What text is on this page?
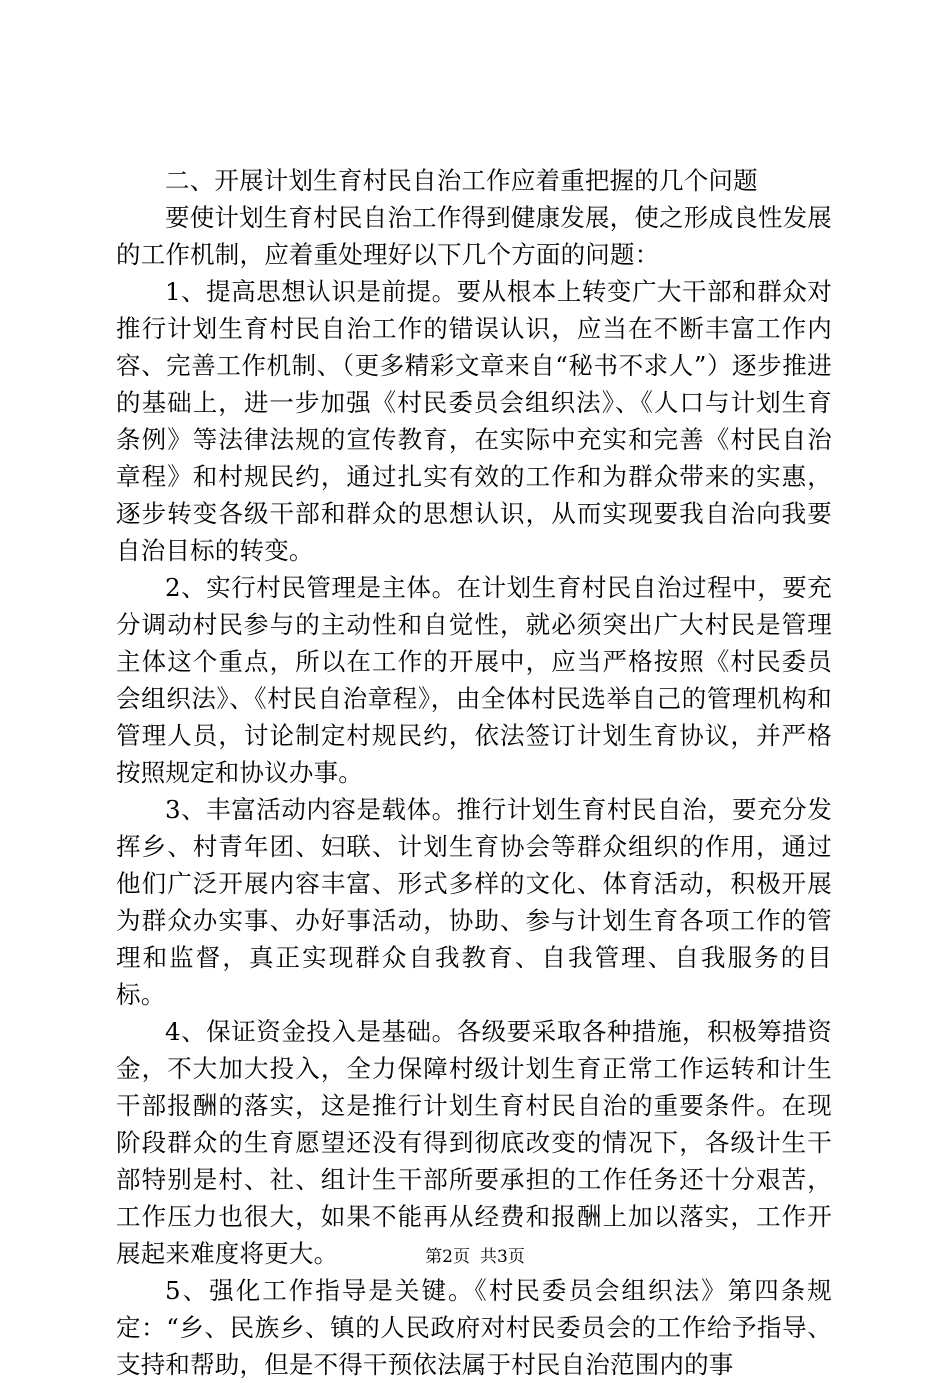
二、开展计划生育村民自治工作应着重把握的几个问题

要使计划生育村民自治工作得到健康发展，使之形成良性发展的工作机制，应着重处理好以下几个方面的问题：

1、提高思想认识是前提。要从根本上转变广大干部和群众对推行计划生育村民自治工作的错误认识，应当在不断丰富工作内容、完善工作机制、（更多精彩文章来自“秘书不求人”）逐步推进的基础上，进一步加强《村民委员会组织法》、《人口与计划生育条例》等法律法规的宣传教育，在实际中充实和完善《村民自治章程》和村规民约，通过扎实有效的工作和为群众带来的实惠，逐步转变各级干部和群众的思想认识，从而实现要我自治向我要自治目标的转变。

2、实行村民管理是主体。在计划生育村民自治过程中，要充分调动村民参与的主动性和自觉性，就必须突出广大村民是管理主体这个重点，所以在工作的开展中，应当严格按照《村民委员会组织法》、《村民自治章程》，由全体村民选举自己的管理机构和管理人员，讨论制定村规民约，依法签订计划生育协议，并严格按照规定和协议办事。

3、丰富活动内容是载体。推行计划生育村民自治，要充分发挥乡、村青年团、妇联、计划生育协会等群众组织的作用，通过他们广泛开展内容丰富、形式多样的文化、体育活动，积极开展为群众办实事、办好事活动，协助、参与计划生育各项工作的管理和监督，真正实现群众自我教育、自我管理、自我服务的目标。

4、保证资金投入是基础。各级要采取各种措施，积极筹措资金，不大加大投入，全力保障村级计划生育正常工作运转和计生干部报酬的落实，这是推行计划生育村民自治的重要条件。在现阶段群众的生育愿望还没有得到彻底改变的情况下，各级计生干部特别是村、社、组计生干部所要承担的工作任务还十分艰苦，工作压力也很大，如果不能再从经费和报酬上加以落实，工作开展起来难度将更大。

5、强化工作指导是关键。《村民委员会组织法》第四条规定：“乡、民族乡、镇的人民政府对村民委员会的工作给予指导、支持和帮助，但是不得干预依法属于村民自治范围内的事

第2页 共3页
